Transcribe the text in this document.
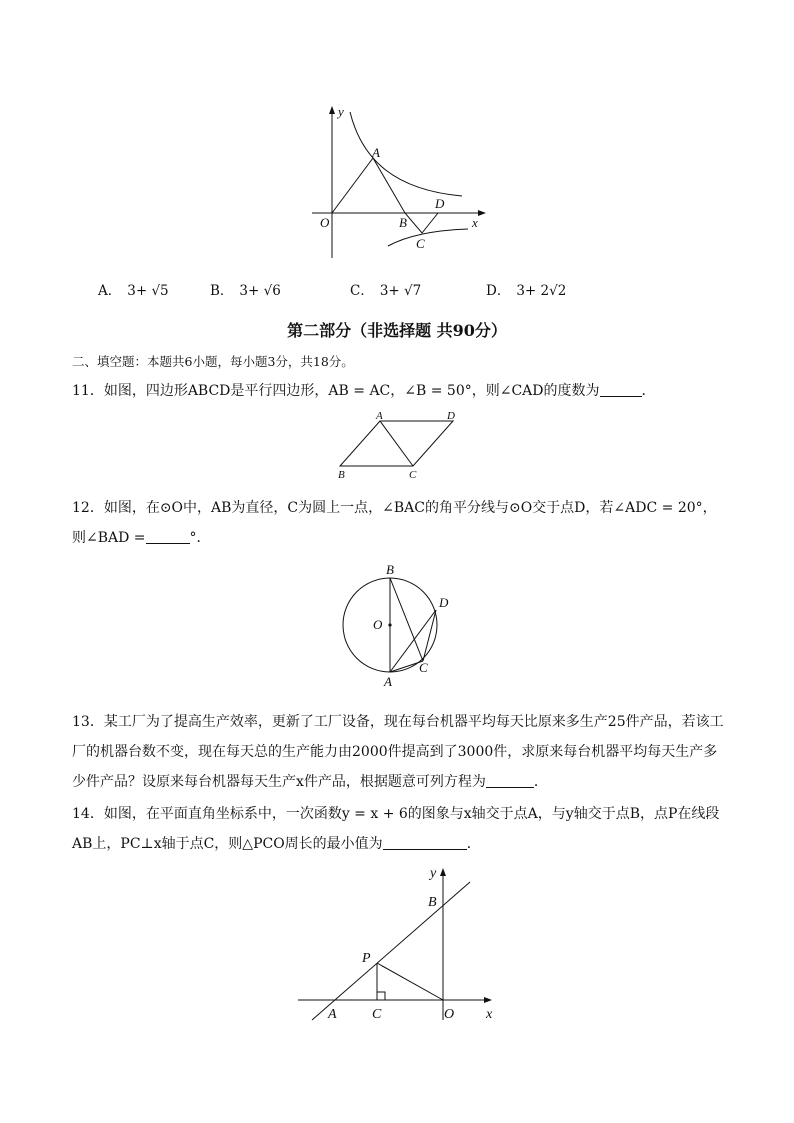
y
A
D
O	B	x
C
A． 3+ √5	B． 3+ √6	C． 3+ √7	D． 3+ 2√2
第二部分（非选择题 共90分）
二、填空题：本题共6小题，每小题3分，共18分。
11．如图，四边形ABCD是平行四边形，AB = AC，∠B = 50°，则∠CAD的度数为	．
A	D
B	C
12．如图，在⊙O中，AB为直径，C为圆上一点，∠BAC的角平分线与⊙O交于点D，若∠ADC = 20°，
则∠BAD =	°．
B
D
O
C
A
13．某工厂为了提高生产效率，更新了工厂设备，现在每台机器平均每天比原来多生产25件产品，若该工
厂的机器台数不变，现在每天总的生产能力由2000件提高到了3000件，求原来每台机器平均每天生产多
少件产品？设原来每台机器每天生产x件产品，根据题意可列方程为	．
14．如图，在平面直角坐标系中，一次函数y = x + 6的图象与x轴交于点A，与y轴交于点B，点P在线段
AB上，PC⊥x轴于点C，则△PCO周长的最小值为	．
y
B
P
A	C	O x
